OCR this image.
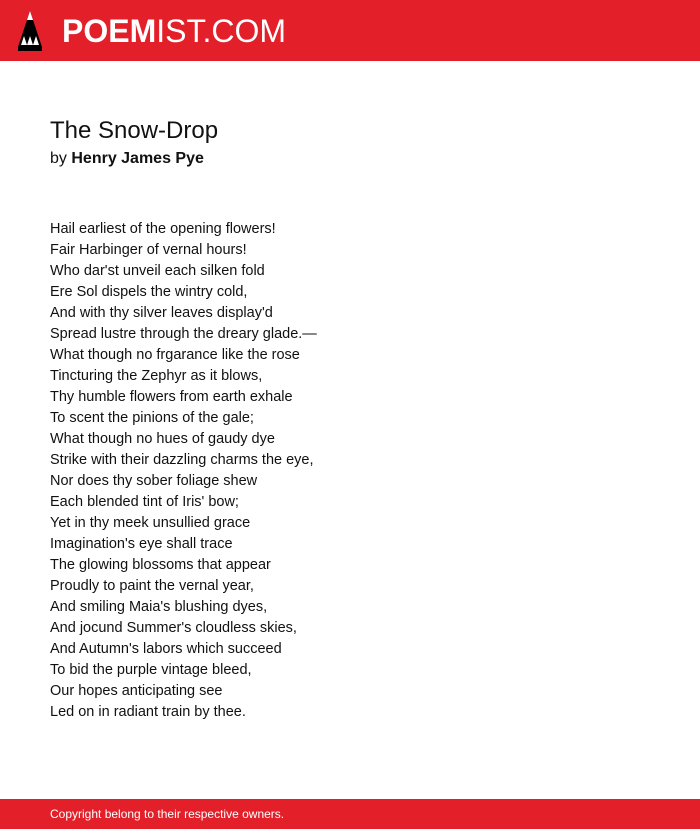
POEMIST.COM
The Snow-Drop
by Henry James Pye
Hail earliest of the opening flowers!
Fair Harbinger of vernal hours!
Who dar'st unveil each silken fold
Ere Sol dispels the wintry cold,
And with thy silver leaves display'd
Spread lustre through the dreary glade.—
What though no frgarance like the rose
Tincturing the Zephyr as it blows,
Thy humble flowers from earth exhale
To scent the pinions of the gale;
What though no hues of gaudy dye
Strike with their dazzling charms the eye,
Nor does thy sober foliage shew
Each blended tint of Iris' bow;
Yet in thy meek unsullied grace
Imagination's eye shall trace
The glowing blossoms that appear
Proudly to paint the vernal year,
And smiling Maia's blushing dyes,
And jocund Summer's cloudless skies,
And Autumn's labors which succeed
To bid the purple vintage bleed,
Our hopes anticipating see
Led on in radiant train by thee.
Copyright belong to their respective owners.
